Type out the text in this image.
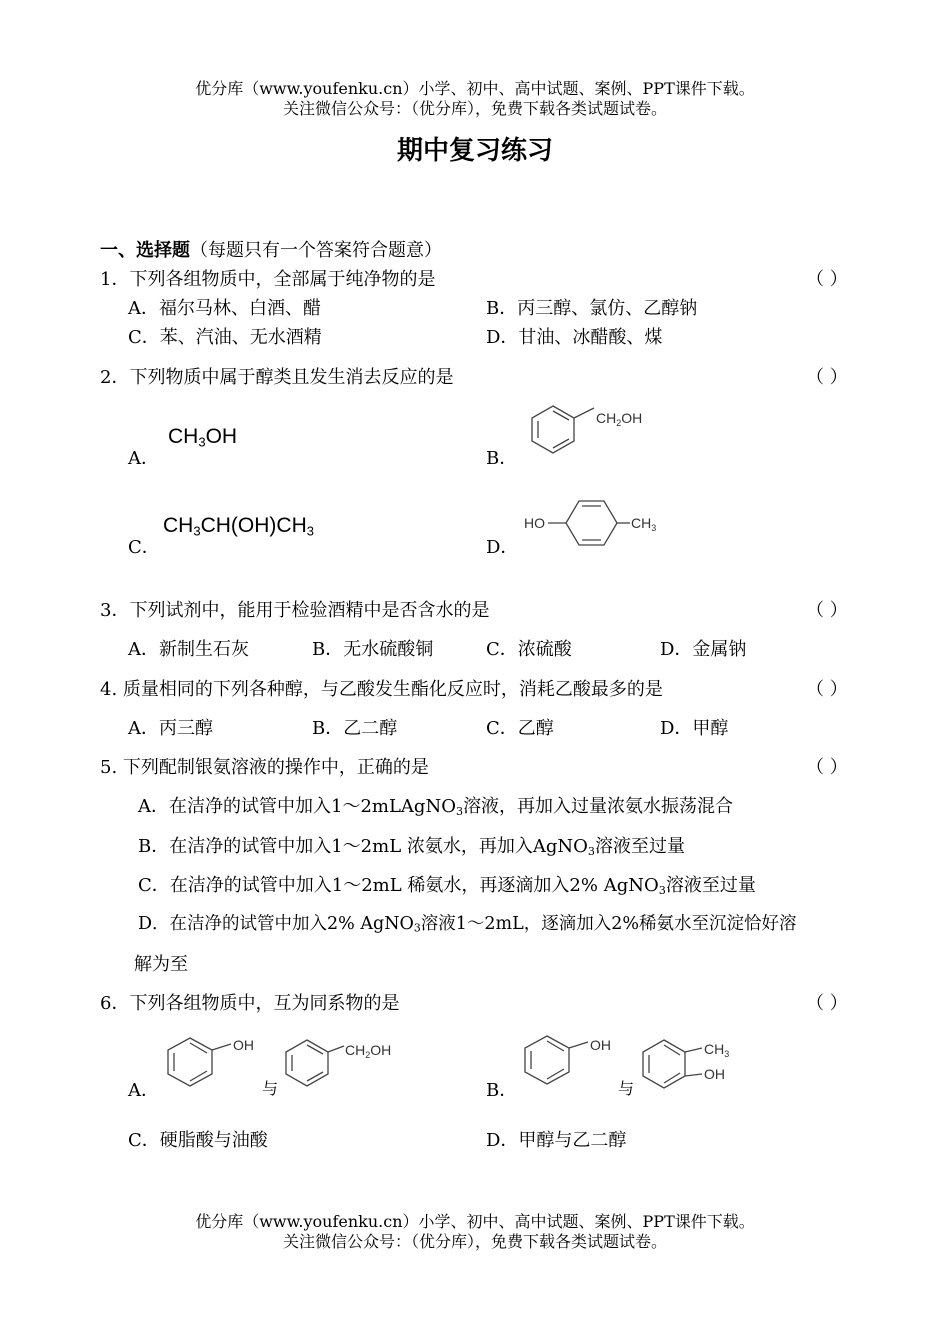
优分库（www.youfenku.cn）小学、初中、高中试题、案例、PPT课件下载。
关注微信公众号：（优分库），免费下载各类试题试卷。
期中复习练习
一、选择题（每题只有一个答案符合题意）
1．下列各组物质中，全部属于纯净物的是	（ ）
A．福尔马林、白酒、醋	B．丙三醇、氯仿、乙醇钠
C．苯、汽油、无水酒精	D．甘油、冰醋酸、煤
2．下列物质中属于醇类且发生消去反应的是	（ ）
A．
$CH_3OH$
B．
$CH_2OH$
C．
$CH_3CH(OH)CH_3$
D．
HO	$CH_3$
3．下列试剂中，能用于检验酒精中是否含水的是	（ ）
A．新制生石灰	B．无水硫酸铜	C．浓硫酸	D．金属钠
4. 质量相同的下列各种醇，与乙酸发生酯化反应时，消耗乙酸最多的是	（ ）
A．丙三醇	B．乙二醇	C．乙醇	D．甲醇
5. 下列配制银氨溶液的操作中，正确的是	（ ）
A．在洁净的试管中加入1～2mLAgNO$_3$溶液，再加入过量浓氨水振荡混合
B．在洁净的试管中加入1～2mL 浓氨水，再加入AgNO$_3$溶液至过量
C．在洁净的试管中加入1～2mL 稀氨水，再逐滴加入2% AgNO$_3$溶液至过量
D．在洁净的试管中加入2% AgNO$_3$溶液1～2mL，逐滴加入2%稀氨水至沉淀恰好溶
解为至
6．下列各组物质中，互为同系物的是	（ ）
A．
OH
与
$CH_2OH$
B．
OH
与
$CH_3$
OH
C．硬脂酸与油酸	D．甲醇与乙二醇
优分库（www.youfenku.cn）小学、初中、高中试题、案例、PPT课件下载。
关注微信公众号：（优分库），免费下载各类试题试卷。
